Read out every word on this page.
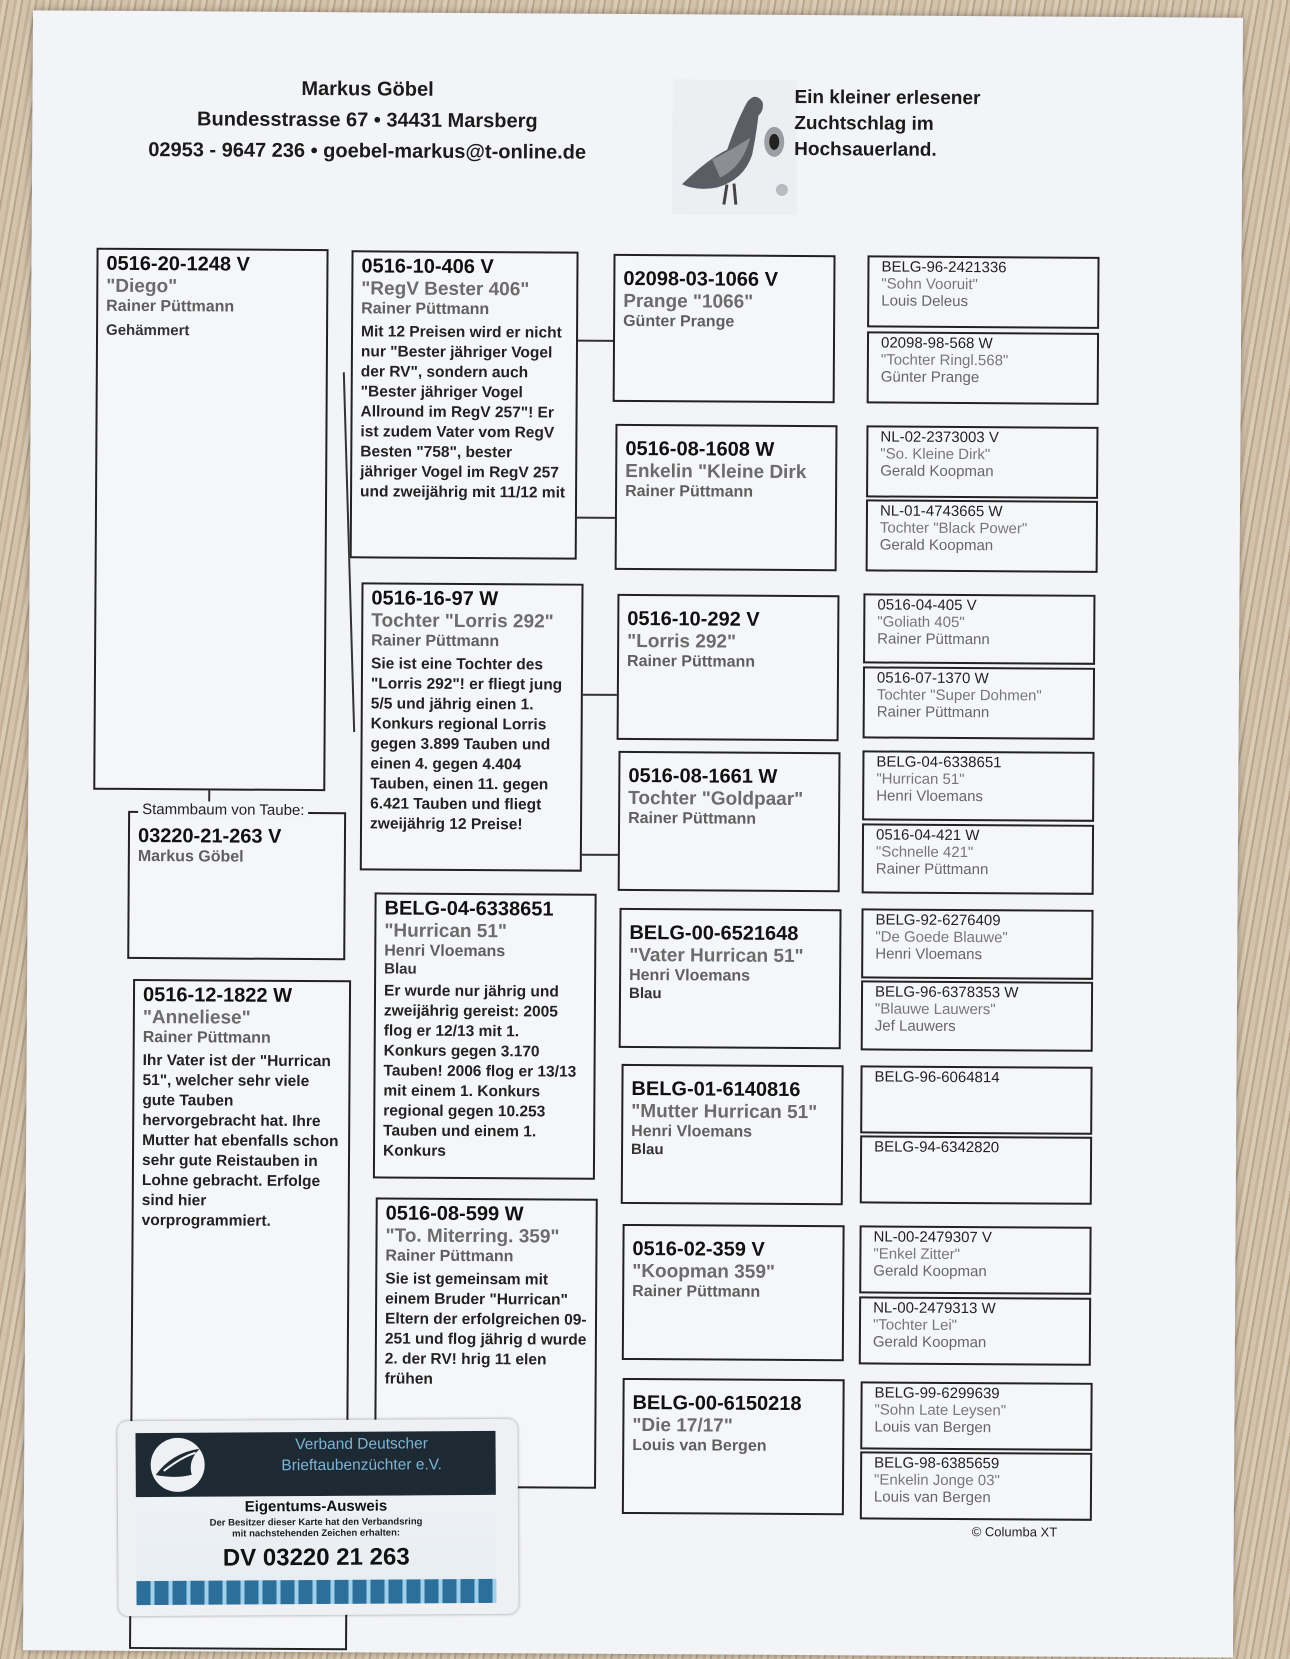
Markus Göbel
Bundesstrasse 67 • 34431 Marsberg
02953 - 9647 236 • goebel-markus@t-online.de
Ein kleiner erlesener
Zuchtschlag im
Hochsauerland.
0516-20-1248 V
"Diego"
Rainer Püttmann
Gehämmert
03220-21-263 V
Markus Göbel
Stammbaum von Taube:
0516-12-1822 W
"Anneliese"
Rainer Püttmann
Ihr Vater ist der "Hurrican 51", welcher sehr viele gute Tauben hervorgebracht hat. Ihre Mutter hat ebenfalls schon sehr gute Reistauben in Lohne gebracht. Erfolge sind hier vorprogrammiert.
0516-10-406 V
"RegV Bester 406"
Rainer Püttmann
Mit 12 Preisen wird er nicht nur "Bester jähriger Vogel der RV", sondern auch "Bester jähriger Vogel Allround im RegV 257"! Er ist zudem Vater vom RegV Besten "758", bester jähriger Vogel im RegV 257 und zweijährig mit 11/12 mit
0516-16-97 W
Tochter "Lorris 292"
Rainer Püttmann
Sie ist eine Tochter des "Lorris 292"! er fliegt jung 5/5 und jährig einen 1. Konkurs regional Lorris gegen 3.899 Tauben und einen 4. gegen 4.404 Tauben, einen 11. gegen 6.421 Tauben und fliegt zweijährig 12 Preise!
BELG-04-6338651
"Hurrican 51"
Henri Vloemans
Blau
Er wurde nur jährig und zweijährig gereist: 2005 flog er 12/13 mit 1. Konkurs gegen 3.170 Tauben! 2006 flog er 13/13 mit einem 1. Konkurs regional gegen 10.253 Tauben und einem 1. Konkurs
0516-08-599 W
"To. Miterring. 359"
Rainer Püttmann
Sie ist gemeinsam mit einem Bruder "Hurrican" Eltern der erfolgreichen 09-251 und flog jährig d wurde 2. der RV! hrig 11 elen frühen
02098-03-1066 V
Prange "1066"
Günter Prange
0516-08-1608 W
Enkelin "Kleine Dirk
Rainer Püttmann
0516-10-292 V
"Lorris 292"
Rainer Püttmann
0516-08-1661 W
Tochter "Goldpaar"
Rainer Püttmann
BELG-00-6521648
"Vater Hurrican 51"
Henri Vloemans
Blau
BELG-01-6140816
"Mutter Hurrican 51"
Henri Vloemans
Blau
0516-02-359 V
"Koopman 359"
Rainer Püttmann
BELG-00-6150218
"Die 17/17"
Louis van Bergen
BELG-96-2421336
"Sohn Vooruit"
Louis Deleus
02098-98-568 W
"Tochter Ringl.568"
Günter Prange
NL-02-2373003 V
"So. Kleine Dirk"
Gerald Koopman
NL-01-4743665 W
Tochter "Black Power"
Gerald Koopman
0516-04-405 V
"Goliath 405"
Rainer Püttmann
0516-07-1370 W
Tochter "Super Dohmen"
Rainer Püttmann
BELG-04-6338651
"Hurrican 51"
Henri Vloemans
0516-04-421 W
"Schnelle 421"
Rainer Püttmann
BELG-92-6276409
"De Goede Blauwe"
Henri Vloemans
BELG-96-6378353 W
"Blauwe Lauwers"
Jef Lauwers
BELG-96-6064814
BELG-94-6342820
NL-00-2479307 V
"Enkel Zitter"
Gerald Koopman
NL-00-2479313 W
"Tochter Lei"
Gerald Koopman
BELG-99-6299639
"Sohn Late Leysen"
Louis van Bergen
BELG-98-6385659
"Enkelin Jonge 03"
Louis van Bergen
© Columba XT
Verband Deutscher
Brieftaubenzüchter e.V.
Eigentums-Ausweis
Der Besitzer dieser Karte hat den Verbandsring
mit nachstehenden Zeichen erhalten:
DV 03220 21 263
